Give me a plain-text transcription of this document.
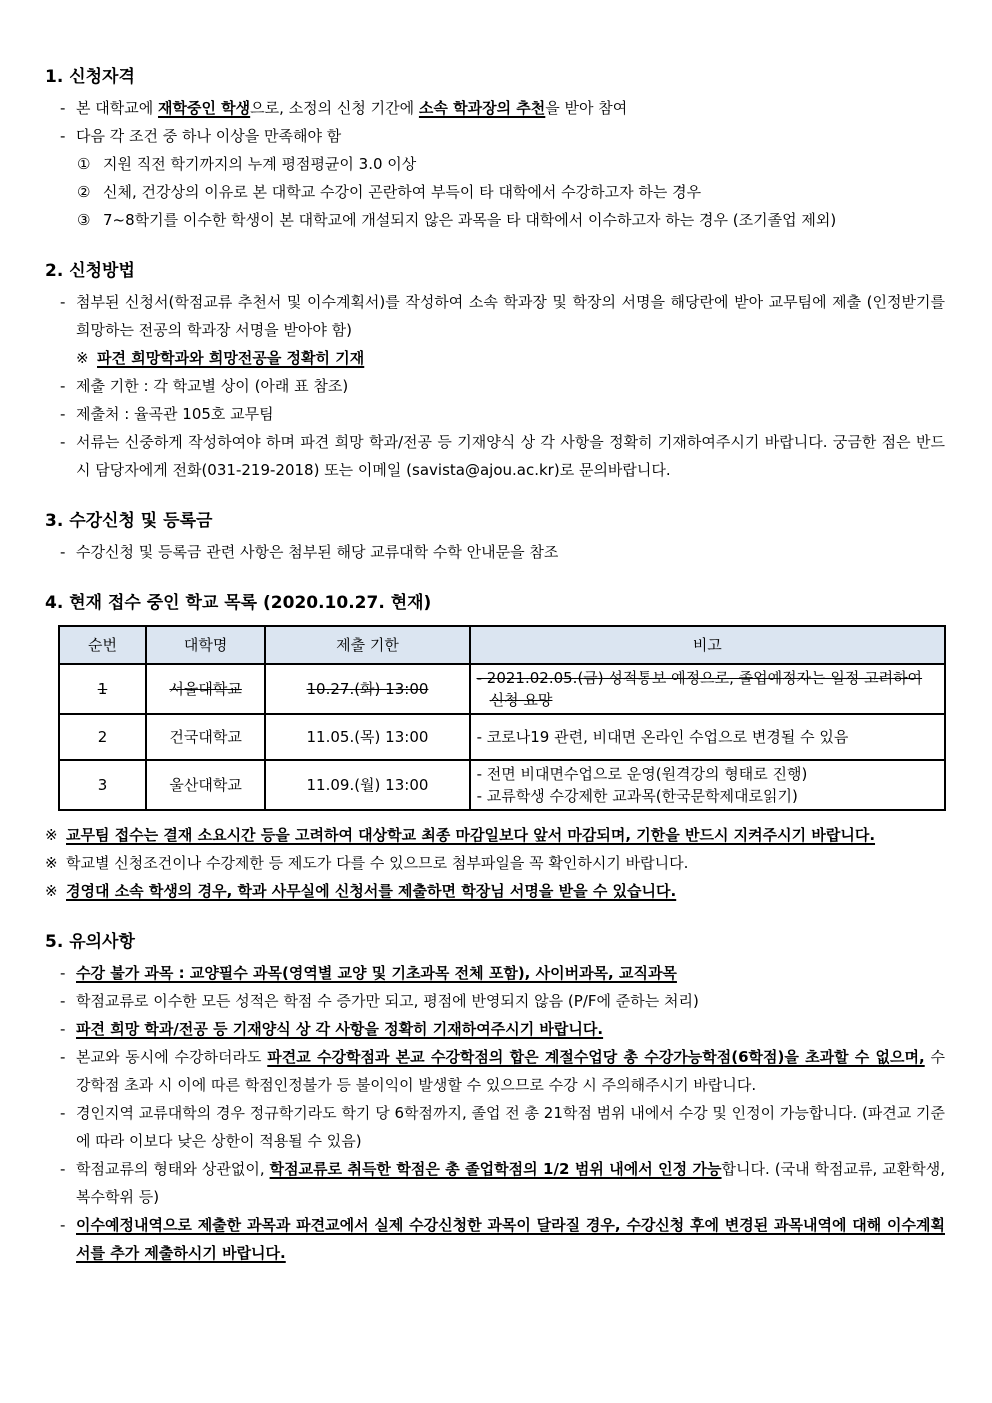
1. 신청자격
- 본 대학교에 재학중인 학생으로, 소정의 신청 기간에 소속 학과장의 추천을 받아 참여
- 다음 각 조건 중 하나 이상을 만족해야 함
① 지원 직전 학기까지의 누계 평점평균이 3.0 이상
② 신체, 건강상의 이유로 본 대학교 수강이 곤란하여 부득이 타 대학에서 수강하고자 하는 경우
③ 7~8학기를 이수한 학생이 본 대학교에 개설되지 않은 과목을 타 대학에서 이수하고자 하는 경우 (조기졸업 제외)
2. 신청방법
- 첨부된 신청서(학점교류 추천서 및 이수계획서)를 작성하여 소속 학과장 및 학장의 서명을 해당란에 받아 교무팀에 제출 (인정받기를 희망하는 전공의 학과장 서명을 받아야 함)
※ 파견 희망학과와 희망전공을 정확히 기재
- 제출 기한 : 각 학교별 상이 (아래 표 참조)
- 제출처 : 율곡관 105호 교무팀
- 서류는 신중하게 작성하여야 하며 파견 희망 학과/전공 등 기재양식 상 각 사항을 정확히 기재하여주시기 바랍니다. 궁금한 점은 반드시 담당자에게 전화(031-219-2018) 또는 이메일 (savista@ajou.ac.kr)로 문의바랍니다.
3. 수강신청 및 등록금
- 수강신청 및 등록금 관련 사항은 첨부된 해당 교류대학 수학 안내문을 참조
4. 현재 접수 중인 학교 목록 (2020.10.27. 현재)
순번	대학명	제출 기한	비고
1	서울대학교	10.27.(화) 13:00	- 2021.02.05.(금) 성적통보 예정으로, 졸업예정자는 일정 고려하여 신청 요망

2	건국대학교	11.05.(목) 13:00	- 코로나19 관련, 비대면 온라인 수업으로 변경될 수 있음

3	울산대학교	11.09.(월) 13:00	- 전면 비대면수업으로 운영(원격강의 형태로 진행)
- 교류학생 수강제한 교과목(한국문학제대로읽기)
※ 교무팀 접수는 결재 소요시간 등을 고려하여 대상학교 최종 마감일보다 앞서 마감되며, 기한을 반드시 지켜주시기 바랍니다.
※ 학교별 신청조건이나 수강제한 등 제도가 다를 수 있으므로 첨부파일을 꼭 확인하시기 바랍니다.
※ 경영대 소속 학생의 경우, 학과 사무실에 신청서를 제출하면 학장님 서명을 받을 수 있습니다.
5. 유의사항
- 수강 불가 과목 : 교양필수 과목(영역별 교양 및 기초과목 전체 포함), 사이버과목, 교직과목
- 학점교류로 이수한 모든 성적은 학점 수 증가만 되고, 평점에 반영되지 않음 (P/F에 준하는 처리)
- 파견 희망 학과/전공 등 기재양식 상 각 사항을 정확히 기재하여주시기 바랍니다.
- 본교와 동시에 수강하더라도 파견교 수강학점과 본교 수강학점의 합은 계절수업당 총 수강가능학점(6학점)을 초과할 수 없으며, 수강학점 초과 시 이에 따른 학점인정불가 등 불이익이 발생할 수 있으므로 수강 시 주의해주시기 바랍니다.
- 경인지역 교류대학의 경우 정규학기라도 학기 당 6학점까지, 졸업 전 총 21학점 범위 내에서 수강 및 인정이 가능합니다. (파견교 기준에 따라 이보다 낮은 상한이 적용될 수 있음)
- 학점교류의 형태와 상관없이, 학점교류로 취득한 학점은 총 졸업학점의 1/2 범위 내에서 인정 가능합니다. (국내 학점교류, 교환학생, 복수학위 등)
- 이수예정내역으로 제출한 과목과 파견교에서 실제 수강신청한 과목이 달라질 경우, 수강신청 후에 변경된 과목내역에 대해 이수계획서를 추가 제출하시기 바랍니다.
